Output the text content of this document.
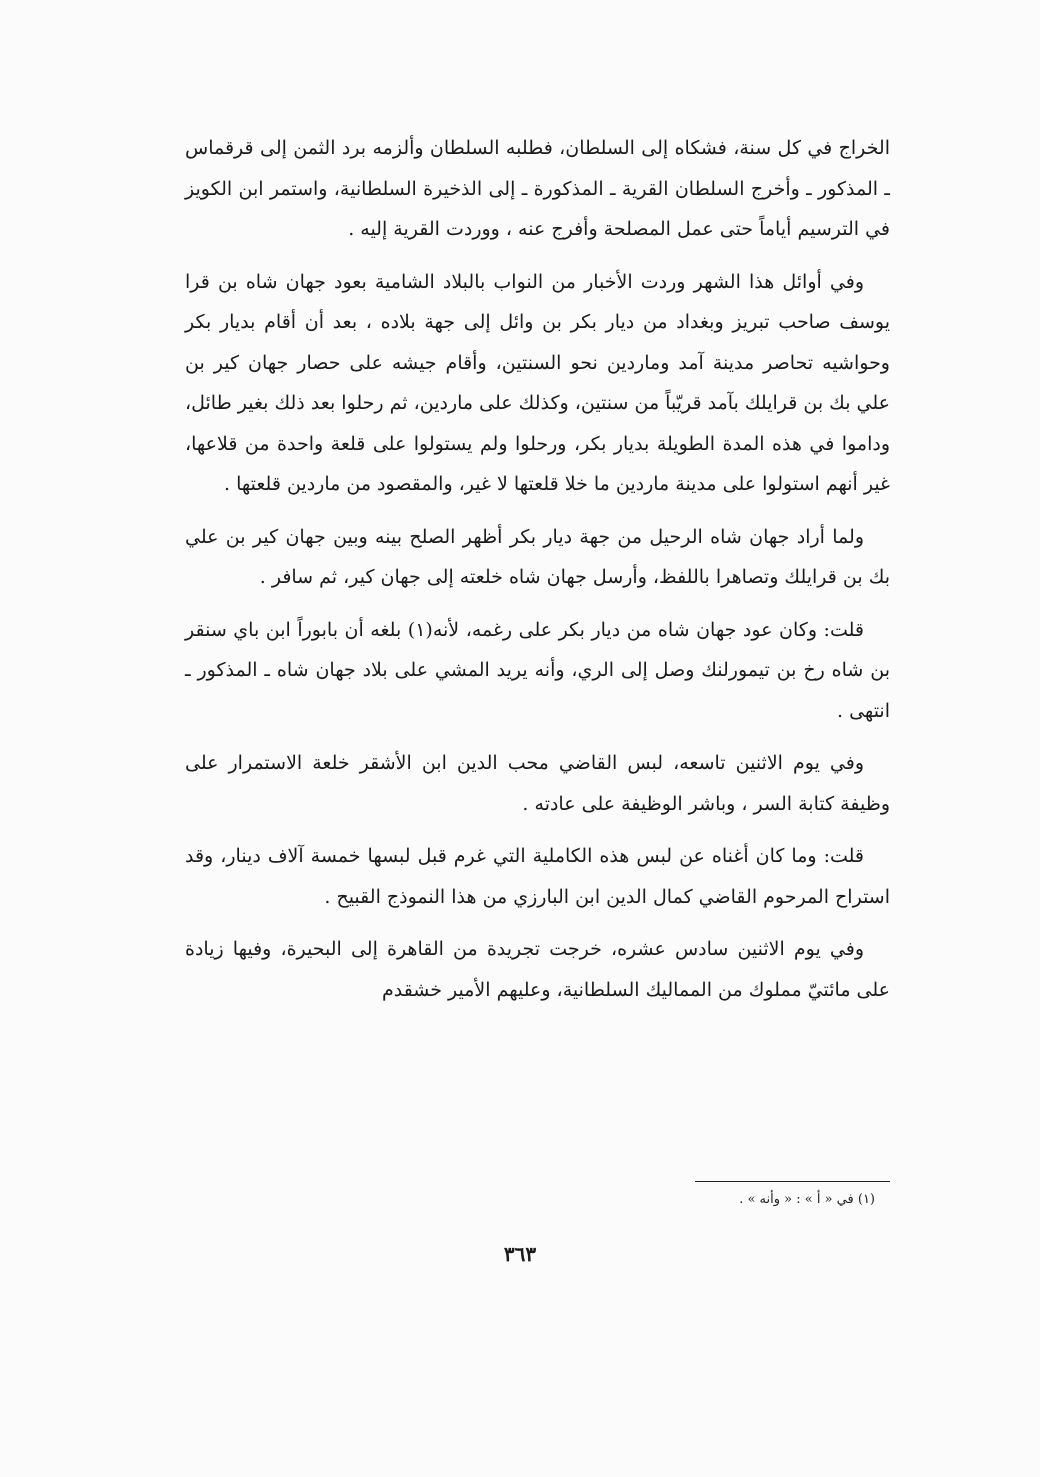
الخراج في كل سنة، فشكاه إلى السلطان، فطلبه السلطان وألزمه برد الثمن إلى قرقماس ـ المذكور ـ وأخرج السلطان القرية ـ المذكورة ـ إلى الذخيرة السلطانية، واستمر ابن الكويز في الترسيم أياماً حتى عمل المصلحة وأفرج عنه ، ووردت القرية إليه .

وفي أوائل هذا الشهر وردت الأخبار من النواب بالبلاد الشامية بعود جهان شاه بن قرا يوسف صاحب تبريز وبغداد من ديار بكر بن وائل إلى جهة بلاده ، بعد أن أقام بديار بكر وحواشيه تحاصر مدينة آمد وماردين نحو السنتين، وأقام جيشه على حصار جهان كير بن علي بك بن قرايلك بآمد قريّباً من سنتين، وكذلك على ماردين، ثم رحلوا بعد ذلك بغير طائل، وداموا في هذه المدة الطويلة بديار بكر، ورحلوا ولم يستولوا على قلعة واحدة من قلاعها، غير أنهم استولوا على مدينة ماردين ما خلا قلعتها لا غير، والمقصود من ماردين قلعتها .

ولما أراد جهان شاه الرحيل من جهة ديار بكر أظهر الصلح بينه وبين جهان كير بن علي بك بن قرايلك وتصاهرا باللفظ، وأرسل جهان شاه خلعته إلى جهان كير، ثم سافر .

قلت: وكان عود جهان شاه من ديار بكر على رغمه، لأنه(١) بلغه أن بابوراً ابن باي سنقر بن شاه رخ بن تيمورلنك وصل إلى الري، وأنه يريد المشي على بلاد جهان شاه ـ المذكور ـ انتهى .

وفي يوم الاثنين تاسعه، لبس القاضي محب الدين ابن الأشقر خلعة الاستمرار على وظيفة كتابة السر ، وباشر الوظيفة على عادته .

قلت: وما كان أغناه عن لبس هذه الكاملية التي غرم قبل لبسها خمسة آلاف دينار، وقد استراح المرحوم القاضي كمال الدين ابن البارزي من هذا النموذج القبيح .

وفي يوم الاثنين سادس عشره، خرجت تجريدة من القاهرة إلى البحيرة، وفيها زيادة على مائتيّ مملوك من المماليك السلطانية، وعليهم الأمير خشقدم

(١) في « أ » : « وأنه » .
٣٦٣
